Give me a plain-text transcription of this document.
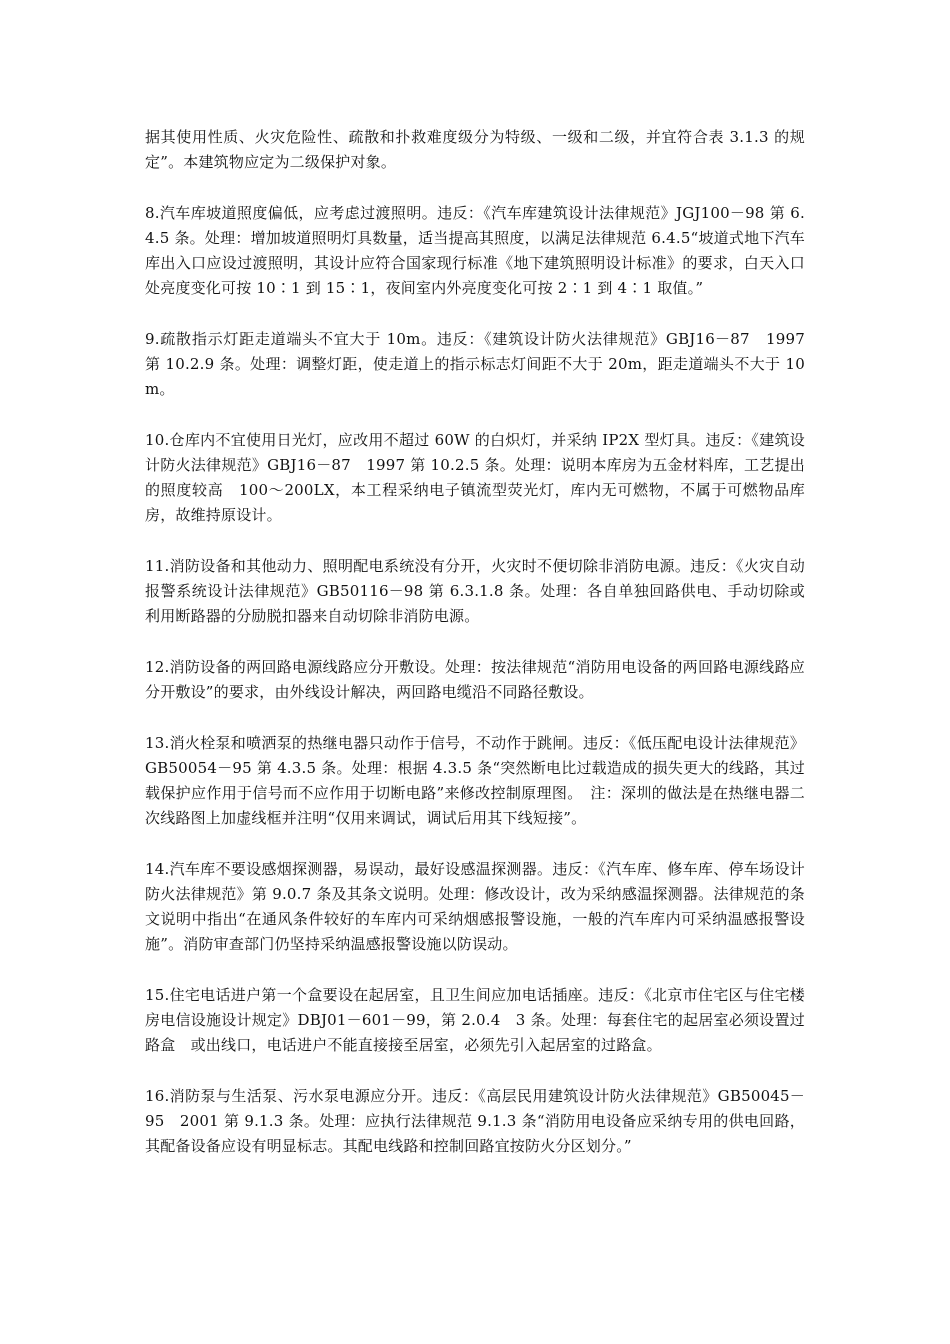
据其使用性质、火灾危险性、疏散和扑救难度级分为特级、一级和二级，并宜符合表 3.1.3 的规定”。本建筑物应定为二级保护对象。

8.汽车库坡道照度偏低，应考虑过渡照明。违反：《汽车库建筑设计法律规范》JGJ100－98 第 6.4.5 条。处理：增加坡道照明灯具数量，适当提高其照度，以满足法律规范 6.4.5“坡道式地下汽车库出入口应设过渡照明，其设计应符合国家现行标准《地下建筑照明设计标准》的要求，白天入口处亮度变化可按 10∶1 到 15∶1，夜间室内外亮度变化可按 2∶1 到 4∶1 取值。”

9.疏散指示灯距走道端头不宜大于 10m。违反：《建筑设计防火法律规范》GBJ16－87　1997 第 10.2.9 条。处理：调整灯距，使走道上的指示标志灯间距不大于 20m，距走道端头不大于 10m。

10.仓库内不宜使用日光灯，应改用不超过 60W 的白炽灯，并采纳 IP2X 型灯具。违反：《建筑设计防火法律规范》GBJ16－87　1997 第 10.2.5 条。处理：说明本库房为五金材料库，工艺提出的照度较高　100～200LX，本工程采纳电子镇流型荧光灯，库内无可燃物，不属于可燃物品库房，故维持原设计。

11.消防设备和其他动力、照明配电系统没有分开，火灾时不便切除非消防电源。违反：《火灾自动报警系统设计法律规范》GB50116－98 第 6.3.1.8 条。处理：各自单独回路供电、手动切除或利用断路器的分励脱扣器来自动切除非消防电源。

12.消防设备的两回路电源线路应分开敷设。处理：按法律规范“消防用电设备的两回路电源线路应分开敷设”的要求，由外线设计解决，两回路电缆沿不同路径敷设。

13.消火栓泵和喷洒泵的热继电器只动作于信号，不动作于跳闸。违反：《低压配电设计法律规范》GB50054－95 第 4.3.5 条。处理：根据 4.3.5 条“突然断电比过载造成的损失更大的线路，其过载保护应作用于信号而不应作用于切断电路”来修改控制原理图。　注：深圳的做法是在热继电器二次线路图上加虚线框并注明“仅用来调试，调试后用其下线短接”。

14.汽车库不要设感烟探测器，易误动，最好设感温探测器。违反：《汽车库、修车库、停车场设计防火法律规范》第 9.0.7 条及其条文说明。处理：修改设计，改为采纳感温探测器。法律规范的条文说明中指出“在通风条件较好的车库内可采纳烟感报警设施，一般的汽车库内可采纳温感报警设施”。消防审查部门仍坚持采纳温感报警设施以防误动。

15.住宅电话进户第一个盒要设在起居室，且卫生间应加电话插座。违反：《北京市住宅区与住宅楼房电信设施设计规定》DBJ01－601－99，第 2.0.4　3 条。处理：每套住宅的起居室必须设置过路盒　或出线口，电话进户不能直接接至居室，必须先引入起居室的过路盒。

16.消防泵与生活泵、污水泵电源应分开。违反：《高层民用建筑设计防火法律规范》GB50045－95　2001 第 9.1.3 条。处理：应执行法律规范 9.1.3 条“消防用电设备应采纳专用的供电回路，其配备设备应设有明显标志。其配电线路和控制回路宜按防火分区划分。”
